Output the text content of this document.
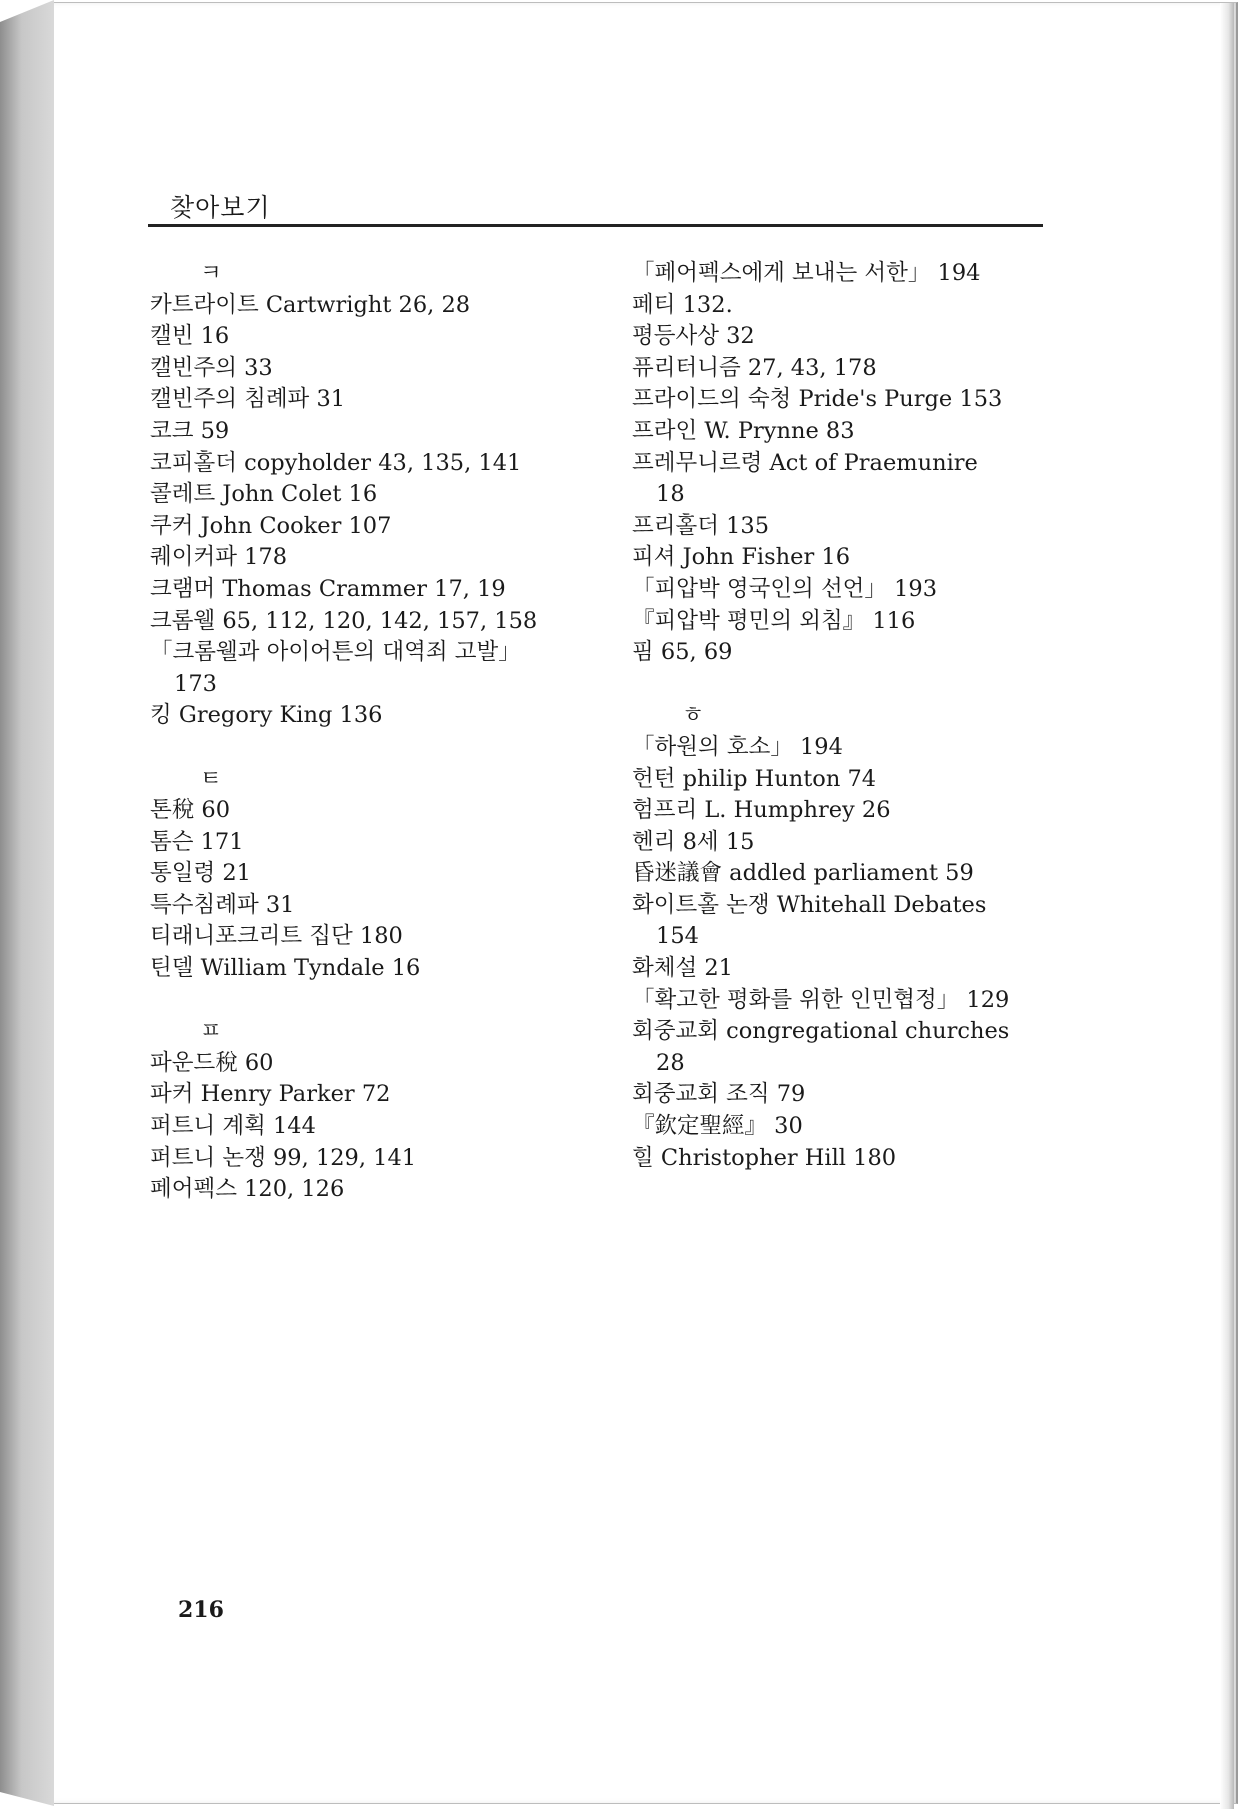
찾아보기
ㅋ
카트라이트 Cartwright 26, 28
캘빈 16
캘빈주의 33
캘빈주의 침례파 31
코크 59
코피홀더 copyholder 43, 135, 141
콜레트 John Colet 16
쿠커 John Cooker 107
퀘이커파 178
크램머 Thomas Crammer 17, 19
크롬웰 65, 112, 120, 142, 157, 158
「크롬웰과 아이어튼의 대역죄 고발」
173
킹 Gregory King 136
ㅌ
톤稅 60
톰슨 171
통일령 21
특수침례파 31
티래니포크리트 집단 180
틴델 William Tyndale 16
ㅍ
파운드稅 60
파커 Henry Parker 72
퍼트니 계획 144
퍼트니 논쟁 99, 129, 141
페어펙스 120, 126
「페어펙스에게 보내는 서한」 194
페티 132.
평등사상 32
퓨리터니즘 27, 43, 178
프라이드의 숙청 Pride's Purge 153
프라인 W. Prynne 83
프레무니르령 Act of Praemunire
18
프리홀더 135
피셔 John Fisher 16
「피압박 영국인의 선언」 193
『피압박 평민의 외침』 116
핌 65, 69
ㅎ
「하원의 호소」 194
헌턴 philip Hunton 74
험프리 L. Humphrey 26
헨리 8세 15
昏迷議會 addled parliament 59
화이트홀 논쟁 Whitehall Debates
154
화체설 21
「확고한 평화를 위한 인민협정」 129
회중교회 congregational churches
28
회중교회 조직 79
『欽定聖經』 30
힐 Christopher Hill 180
216
